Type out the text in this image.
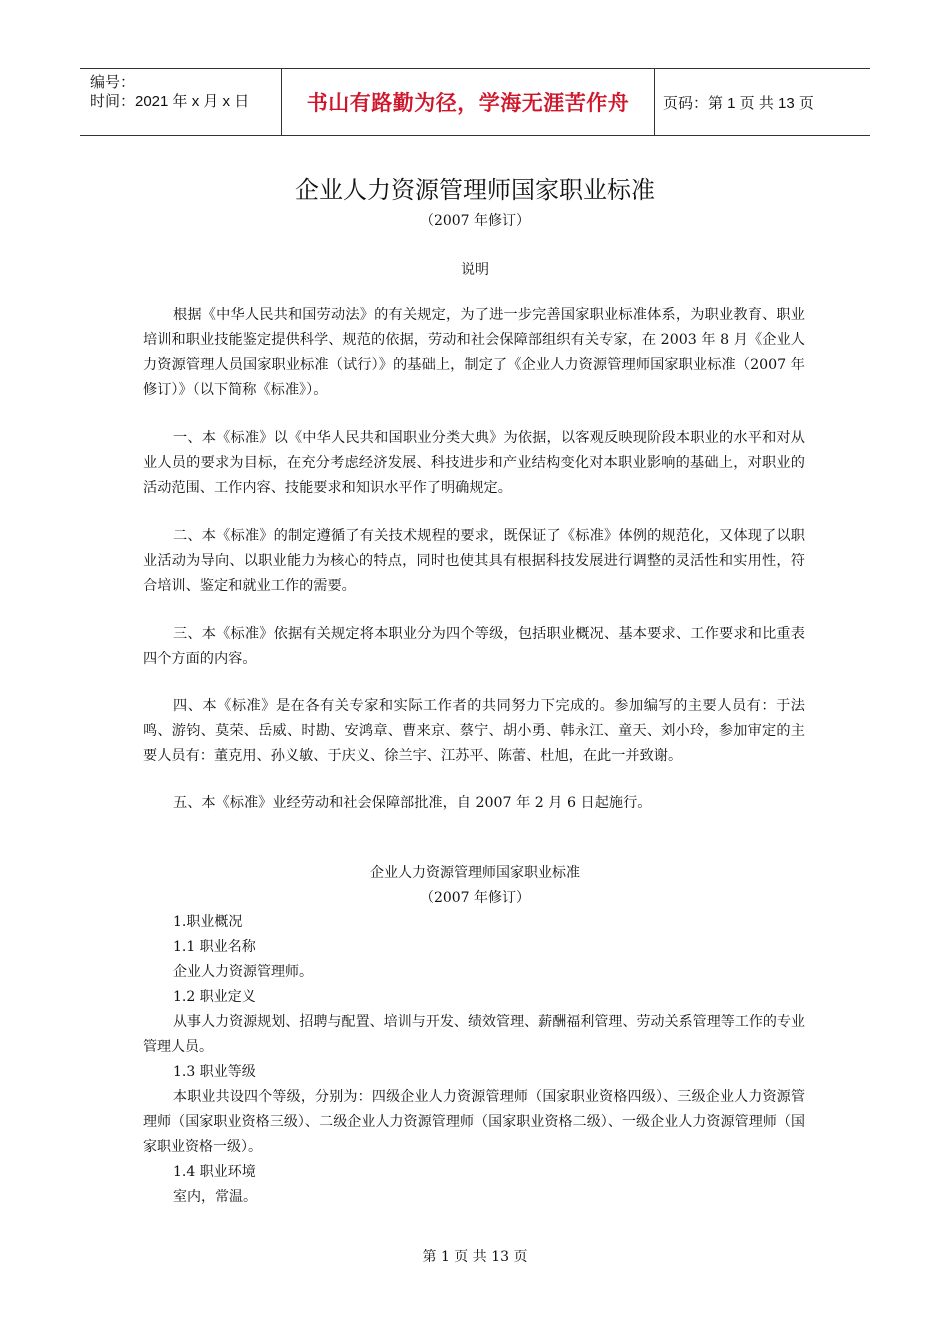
编号：
时间：2021 年 x 月 x 日	书山有路勤为径，学海无涯苦作舟 页码：第 1 页 共 13 页
企业人力资源管理师国家职业标准
（2007 年修订）
说明

根据《中华人民共和国劳动法》的有关规定，为了进一步完善国家职业标准体系，为职业教育、职业培训和职业技能鉴定提供科学、规范的依据，劳动和社会保障部组织有关专家，在 2003 年 8 月《企业人力资源管理人员国家职业标准（试行）》的基础上，制定了《企业人力资源管理师国家职业标准（2007 年修订）》（以下简称《标准》）。

一、本《标准》以《中华人民共和国职业分类大典》为依据，以客观反映现阶段本职业的水平和对从业人员的要求为目标，在充分考虑经济发展、科技进步和产业结构变化对本职业影响的基础上，对职业的活动范围、工作内容、技能要求和知识水平作了明确规定。

二、本《标准》的制定遵循了有关技术规程的要求，既保证了《标准》体例的规范化，又体现了以职业活动为导向、以职业能力为核心的特点，同时也使其具有根据科技发展进行调整的灵活性和实用性，符合培训、鉴定和就业工作的需要。

三、本《标准》依据有关规定将本职业分为四个等级，包括职业概况、基本要求、工作要求和比重表四个方面的内容。

四、本《标准》是在各有关专家和实际工作者的共同努力下完成的。参加编写的主要人员有：于法鸣、游钧、莫荣、岳威、时勘、安鸿章、曹来京、蔡宁、胡小勇、韩永江、童天、刘小玲，参加审定的主要人员有：董克用、孙义敏、于庆义、徐兰宇、江苏平、陈蕾、杜旭，在此一并致谢。

五、本《标准》业经劳动和社会保障部批准，自 2007 年 2 月 6 日起施行。

企业人力资源管理师国家职业标准
（2007 年修订）
1.职业概况
1.1 职业名称
企业人力资源管理师。
1.2 职业定义

从事人力资源规划、招聘与配置、培训与开发、绩效管理、薪酬福利管理、劳动关系管理等工作的专业管理人员。

1.3 职业等级

本职业共设四个等级，分别为：四级企业人力资源管理师（国家职业资格四级）、三级企业人力资源管理师（国家职业资格三级）、二级企业人力资源管理师（国家职业资格二级）、一级企业人力资源管理师（国家职业资格一级）。

1.4 职业环境
室内，常温。
第 1 页 共 13 页
